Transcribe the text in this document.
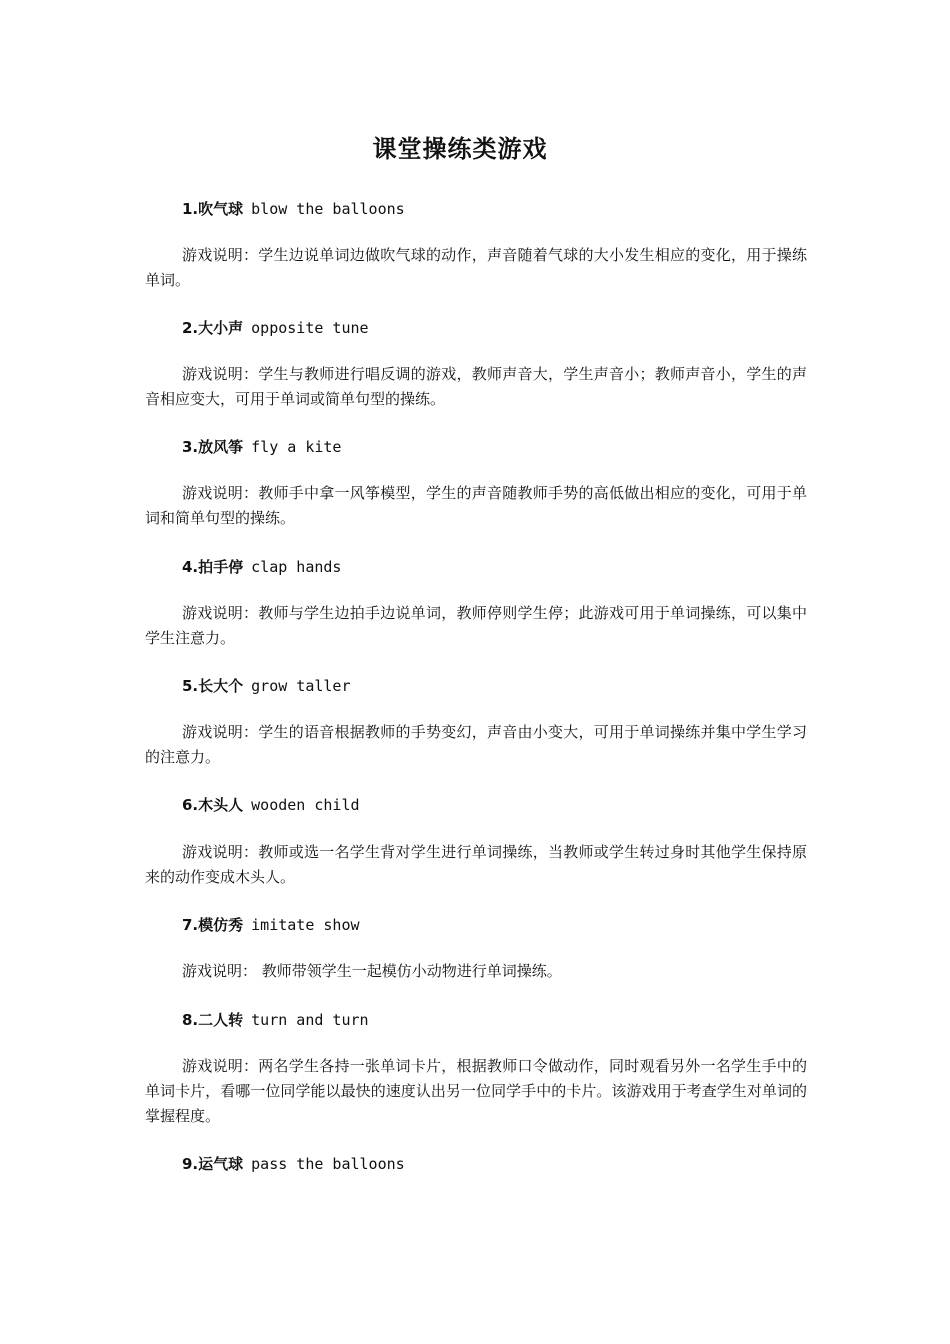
课堂操练类游戏

1.吹气球 blow the balloons

游戏说明：学生边说单词边做吹气球的动作，声音随着气球的大小发生相应的变化，用于操练单词。

2.大小声 opposite tune

游戏说明：学生与教师进行唱反调的游戏，教师声音大，学生声音小；教师声音小，学生的声音相应变大，可用于单词或简单句型的操练。

3.放风筝 fly a kite

游戏说明：教师手中拿一风筝模型，学生的声音随教师手势的高低做出相应的变化，可用于单词和简单句型的操练。

4.拍手停 clap hands

游戏说明：教师与学生边拍手边说单词，教师停则学生停；此游戏可用于单词操练，可以集中学生注意力。

5.长大个 grow taller

游戏说明：学生的语音根据教师的手势变幻，声音由小变大，可用于单词操练并集中学生学习的注意力。

6.木头人 wooden child

游戏说明：教师或选一名学生背对学生进行单词操练，当教师或学生转过身时其他学生保持原来的动作变成木头人。

7.模仿秀 imitate show

游戏说明： 教师带领学生一起模仿小动物进行单词操练。

8.二人转 turn and turn

游戏说明：两名学生各持一张单词卡片，根据教师口令做动作，同时观看另外一名学生手中的单词卡片，看哪一位同学能以最快的速度认出另一位同学手中的卡片。该游戏用于考查学生对单词的掌握程度。

9.运气球 pass the balloons
